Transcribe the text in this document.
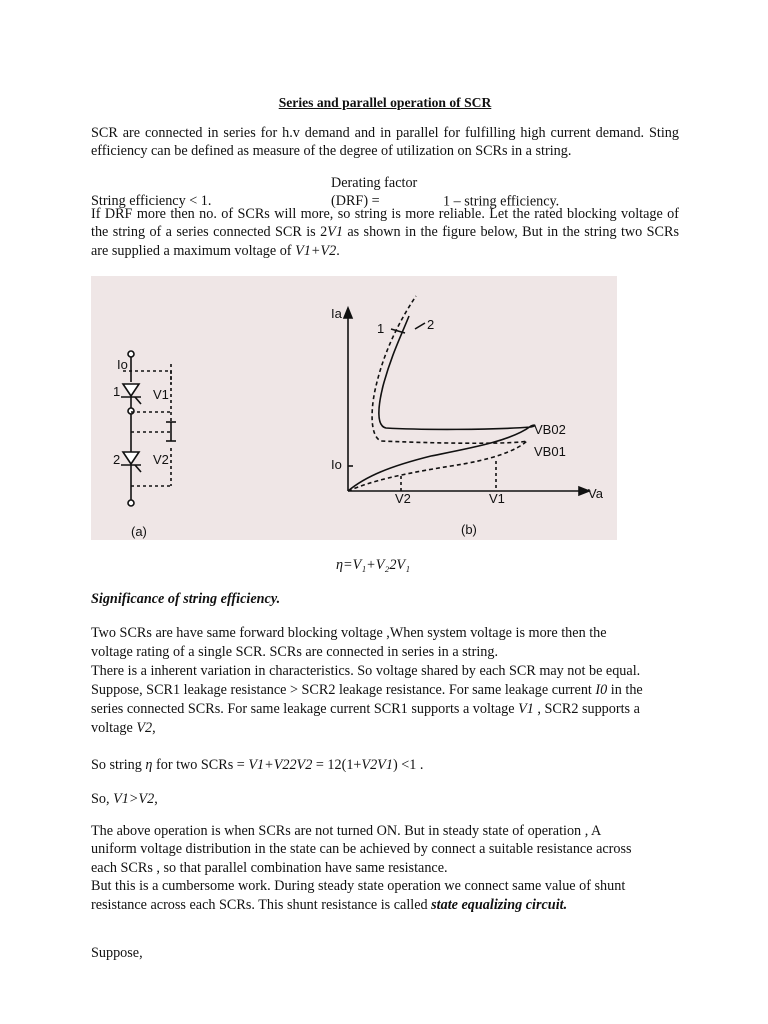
Series and parallel operation of SCR

SCR are connected in series for h.v demand and in parallel for fulfilling high current demand. Sting efficiency can be defined as measure of the degree of utilization on SCRs in a string.

String efficiency < 1.Derating factor (DRF) =	1 – string efficiency.

If DRF more then no. of SCRs will more, so string is more reliable. Let the rated blocking voltage of the string of a series connected SCR is 2V1 as shown in the figure below, But in the string two SCRs are supplied a maximum voltage of V1+V2.

Io
1	V1
2	V2
(a)
Ia
1	2
VB02
VB01
Io
V2	V1	Va
(b)
η=V₁+V₂2V₁

Significance of string efficiency.

Two SCRs are have same forward blocking voltage ,When system voltage is more then the
voltage rating of a single SCR. SCRs are connected in series in a string.
There is a inherent variation in characteristics. So voltage shared by each SCR may not be equal.
Suppose, SCR1 leakage resistance > SCR2 leakage resistance. For same leakage current I0 in the
series connected SCRs. For same leakage current SCR1 supports a voltage V1 , SCR2 supports a
voltage V2,

So string η for two SCRs = V1+V22V2 = 12(1+V2V1) <1 .

So, V1>V2,

The above operation is when SCRs are not turned ON. But in steady state of operation , A
uniform voltage distribution in the state can be achieved by connect a suitable resistance across
each SCRs , so that parallel combination have same resistance.
But this is a cumbersome work. During steady state operation we connect same value of shunt
resistance across each SCRs. This shunt resistance is called state equalizing circuit.

Suppose,
